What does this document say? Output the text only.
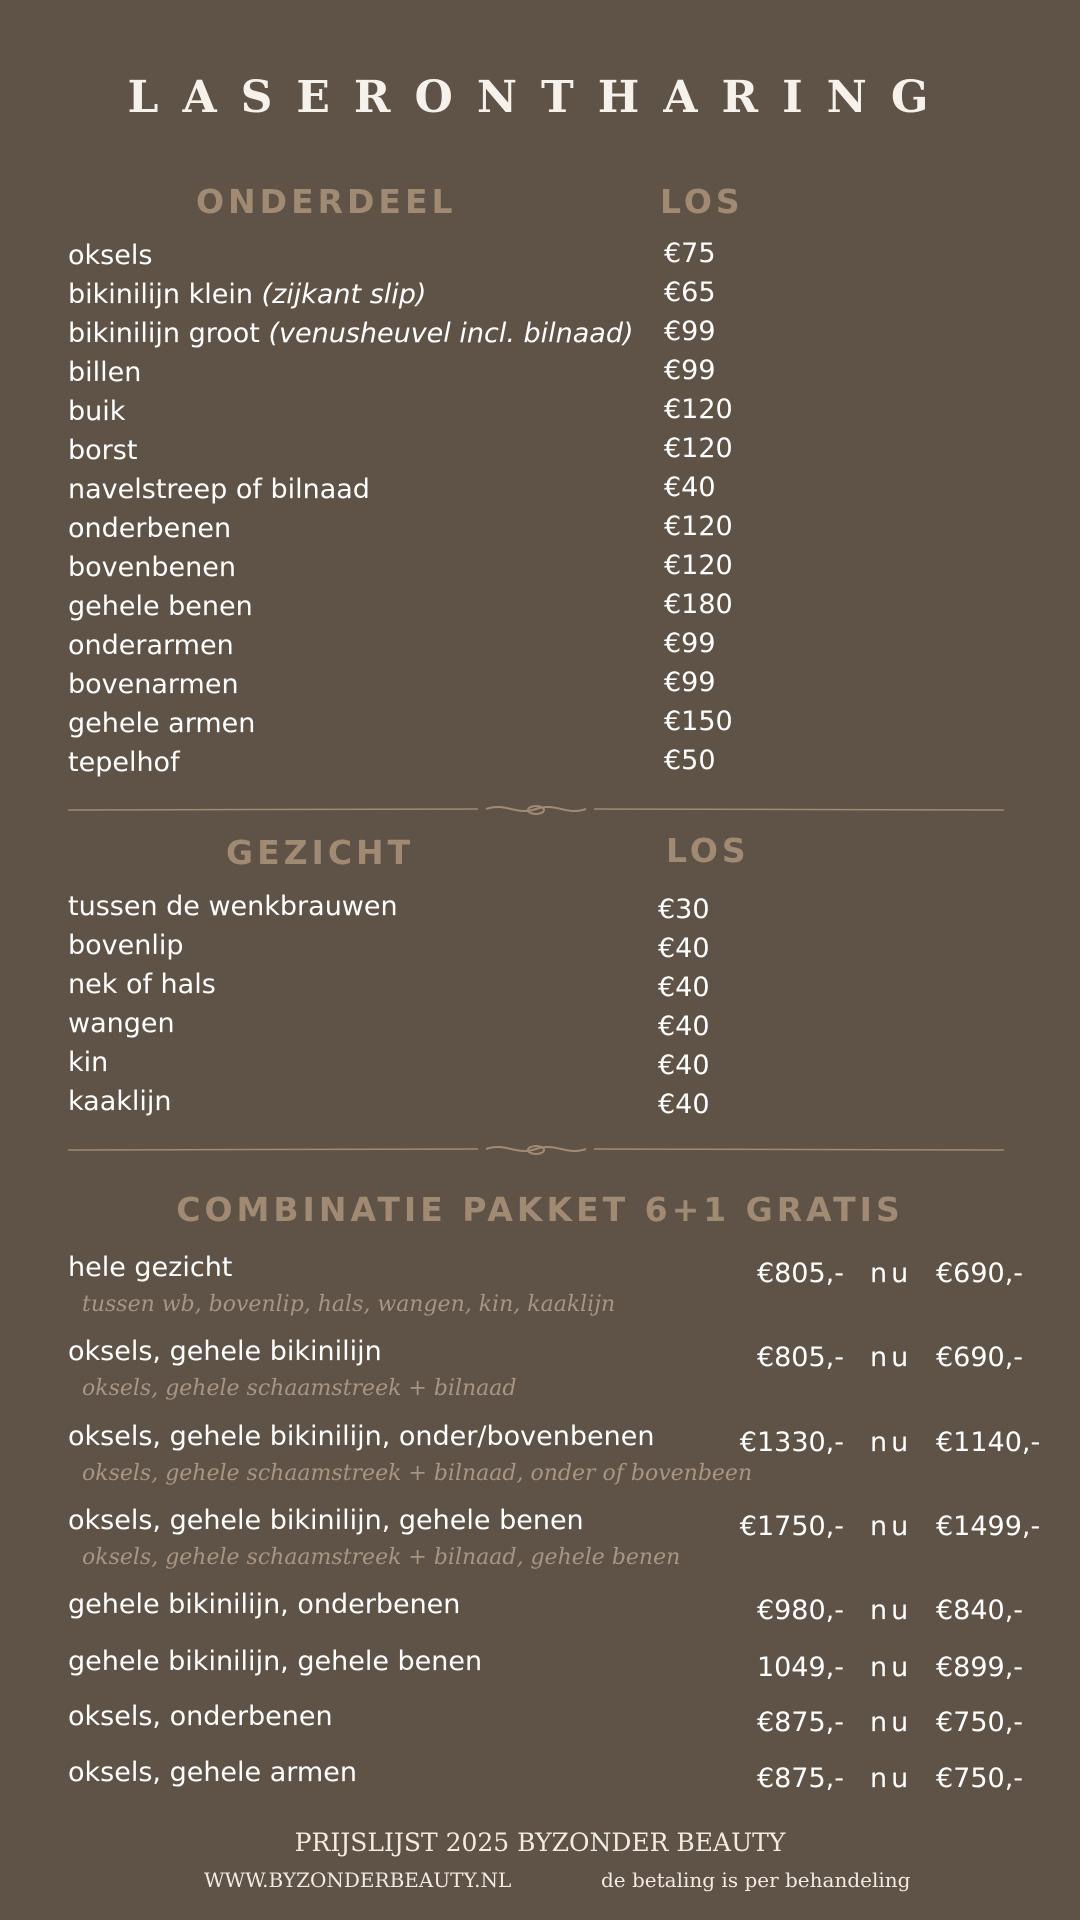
LASERONTHARING
ONDERDEEL	LOS
oksels	€75
bikinilijn klein (zijkant slip)	€65
bikinilijn groot (venusheuvel incl. bilnaad) €99
billen	€99
buik	€120
borst	€120
navelstreep of bilnaad	€40
onderbenen	€120
bovenbenen	€120
gehele benen	€180
onderarmen	€99
bovenarmen	€99
gehele armen	€150
tepelhof	€50
GEZICHT	LOS
tussen de wenkbrauwen	€30
bovenlip	€40
nek of hals	€40
wangen	€40
kin	€40
kaaklijn	€40
COMBINATIE PAKKET 6+1 GRATIS
hele gezicht
tussen wb, bovenlip, hals, wangen, kin, kaaklijn
€805,- nu €690,-
oksels, gehele bikinilijn
oksels, gehele schaamstreek + bilnaad
€805,- nu €690,-
oksels, gehele bikinilijn, onder/bovenbenen
oksels, gehele schaamstreek + bilnaad, onder of bovenbeen
€1330,- nu €1140,-
oksels, gehele bikinilijn, gehele benen
oksels, gehele schaamstreek + bilnaad, gehele benen
€1750,- nu €1499,-
gehele bikinilijn, onderbenen	€980,- nu €840,-
gehele bikinilijn, gehele benen	1049,- nu €899,-
oksels, onderbenen	€875,- nu €750,-
oksels, gehele armen	€875,- nu €750,-
PRIJSLIJST 2025 BYZONDER BEAUTY
WWW.BYZONDERBEAUTY.NL	de betaling is per behandeling
